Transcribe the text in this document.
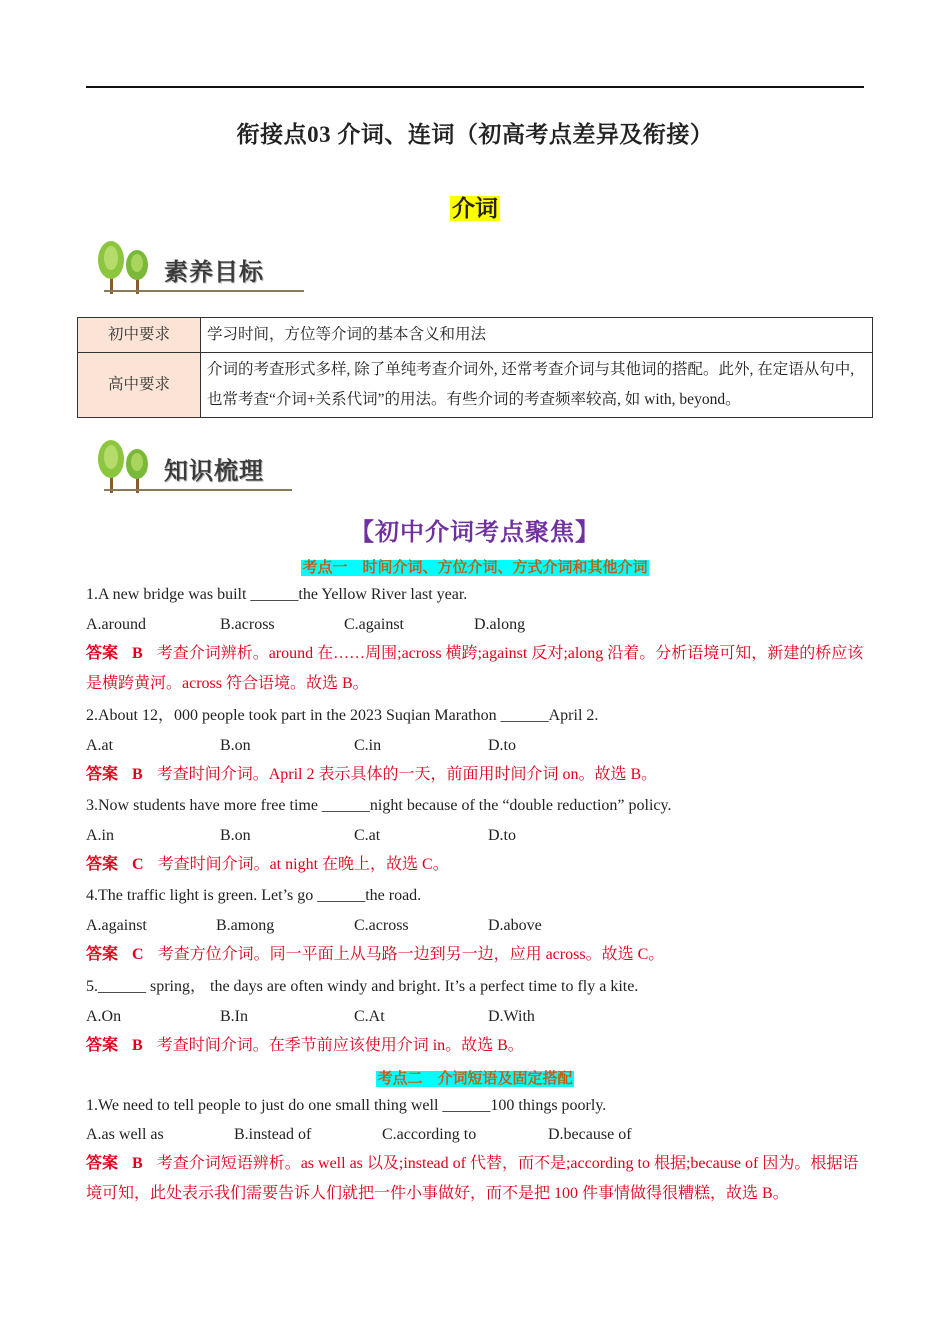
衔接点03 介词、连词（初高考点差异及衔接）
介词
素养目标
初中要求	学习时间，方位等介词的基本含义和用法
高中要求	介词的考查形式多样, 除了单纯考查介词外, 还常考查介词与其他词的搭配。此外, 在定语从句中, 也常考查“介词+关系代词”的用法。有些介词的考查频率较高, 如 with, beyond。
知识梳理
【初中介词考点聚焦】
考点一　时间介词、方位介词、方式介词和其他介词
1.A new bridge was built ______the Yellow River last year.
A.around	B.across	C.against	D.along
答案 B 考查介词辨析。around 在……周围;across 横跨;against 反对;along 沿着。分析语境可知，新建的桥应该是横跨黄河。across 符合语境。故选 B。
2.About 12，000 people took part in the 2023 Suqian Marathon ______April 2.
A.at	B.on	C.in	D.to
答案 B 考查时间介词。April 2 表示具体的一天，前面用时间介词 on。故选 B。
3.Now students have more free time ______night because of the “double reduction” policy.
A.in	B.on	C.at	D.to
答案 C 考查时间介词。at night 在晚上，故选 C。
4.The traffic light is green. Let’s go ______the road.
A.against	B.among	C.across	D.above
答案 C 考查方位介词。同一平面上从马路一边到另一边，应用 across。故选 C。
5.______ spring， the days are often windy and bright. It’s a perfect time to fly a kite.
A.On	B.In	C.At	D.With
答案 B 考查时间介词。在季节前应该使用介词 in。故选 B。
考点二　介词短语及固定搭配
1.We need to tell people to just do one small thing well ______100 things poorly.
A.as well as	B.instead of	C.according to	D.because of
答案 B 考查介词短语辨析。as well as 以及;instead of 代替，而不是;according to 根据;because of 因为。根据语境可知，此处表示我们需要告诉人们就把一件小事做好，而不是把 100 件事情做得很糟糕，故选 B。
